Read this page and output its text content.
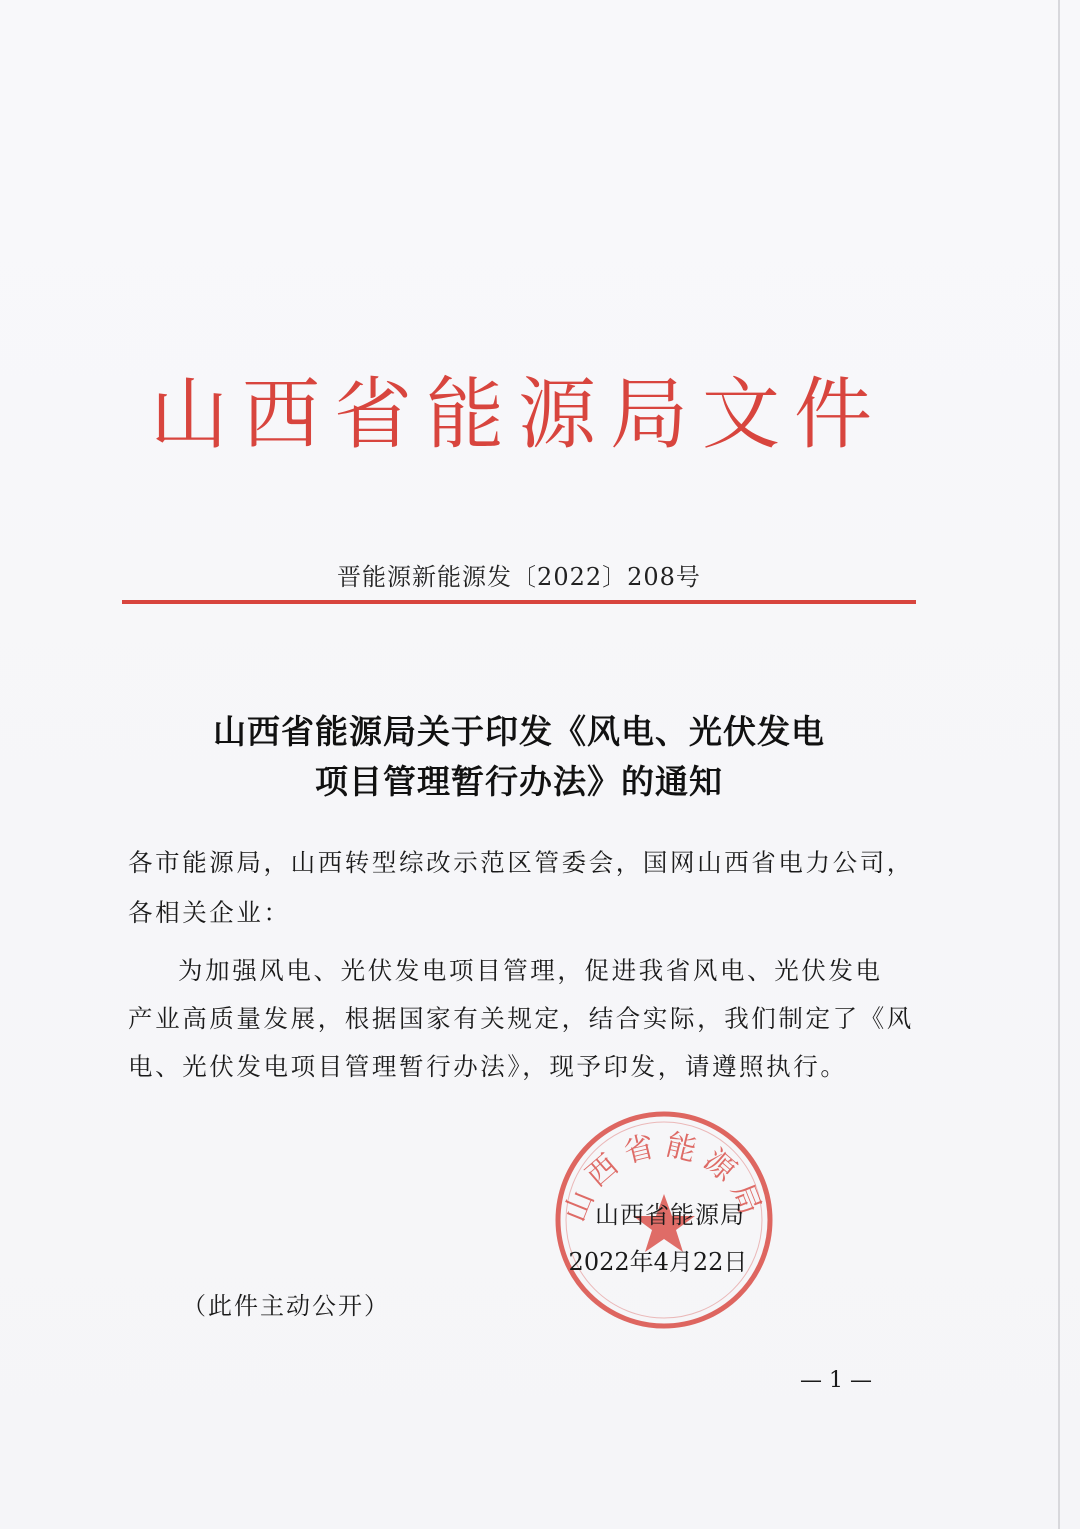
山西省能源局文件
晋能源新能源发〔2022〕208号
山西省能源局关于印发《风电、光伏发电
项目管理暂行办法》的通知
各市能源局，山西转型综改示范区管委会，国网山西省电力公司，
各相关企业：
为加强风电、光伏发电项目管理，促进我省风电、光伏发电
产业高质量发展，根据国家有关规定，结合实际，我们制定了《风
电、光伏发电项目管理暂行办法》，现予印发，请遵照执行。
山西省能源局
山西省能源局
2022年4月22日
（此件主动公开）
— 1 —
